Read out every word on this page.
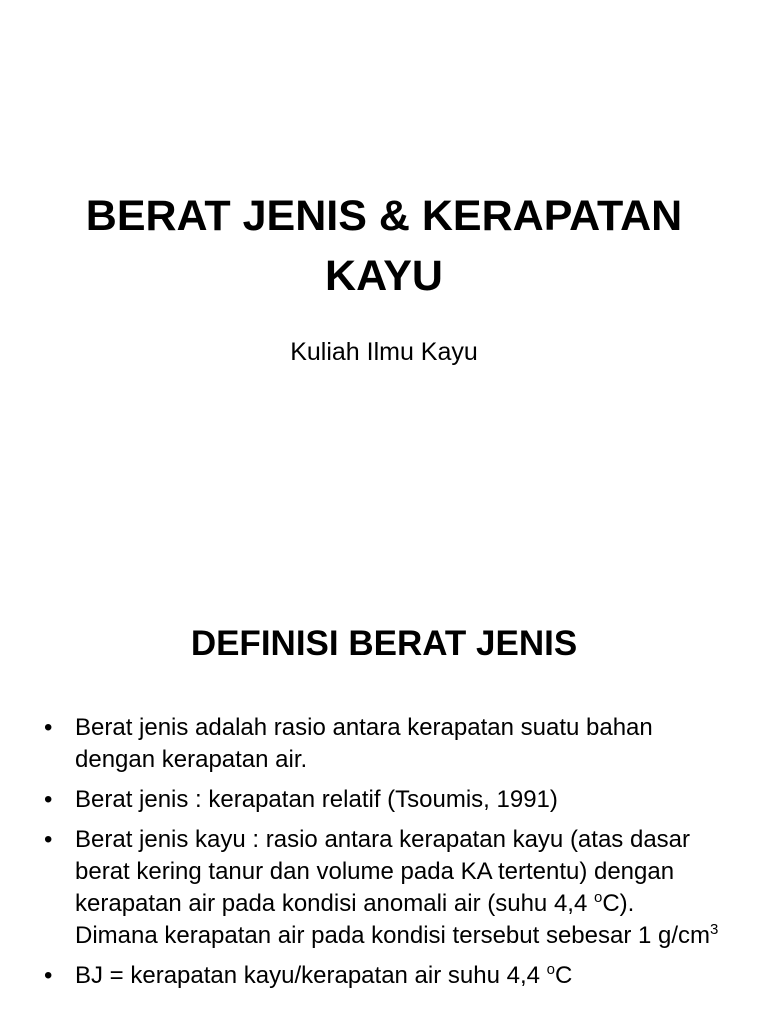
BERAT JENIS & KERAPATAN
KAYU
Kuliah Ilmu Kayu
DEFINISI BERAT JENIS
• Berat jenis adalah rasio antara kerapatan suatu bahan dengan kerapatan air.
• Berat jenis : kerapatan relatif (Tsoumis, 1991)
• Berat jenis kayu : rasio antara kerapatan kayu (atas dasar berat kering tanur dan volume pada KA tertentu) dengan kerapatan air pada kondisi anomali air (suhu 4,4 $^o$C). Dimana kerapatan air pada kondisi tersebut sebesar 1 $g/cm^3$
• BJ = kerapatan kayu/kerapatan air suhu 4,4 $^o$C
